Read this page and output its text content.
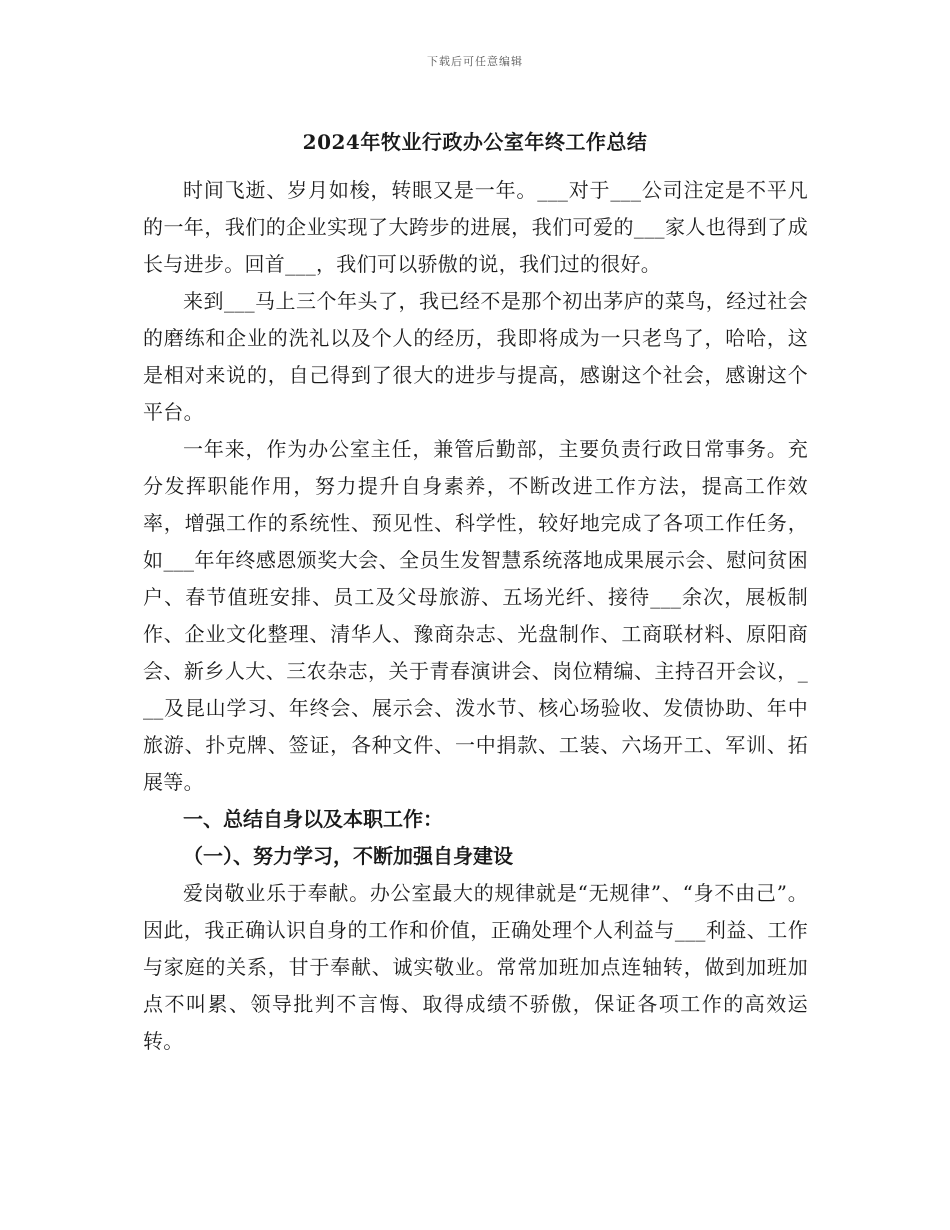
下载后可任意编辑
2024年牧业行政办公室年终工作总结

时间飞逝、岁月如梭，转眼又是一年。___对于___公司注定是不平凡的一年，我们的企业实现了大跨步的进展，我们可爱的___家人也得到了成长与进步。回首___，我们可以骄傲的说，我们过的很好。

来到___马上三个年头了，我已经不是那个初出茅庐的菜鸟，经过社会的磨练和企业的洗礼以及个人的经历，我即将成为一只老鸟了，哈哈，这是相对来说的，自己得到了很大的进步与提高，感谢这个社会，感谢这个平台。

一年来，作为办公室主任，兼管后勤部，主要负责行政日常事务。充分发挥职能作用，努力提升自身素养，不断改进工作方法，提高工作效率，增强工作的系统性、预见性、科学性，较好地完成了各项工作任务，如___年年终感恩颁奖大会、全员生发智慧系统落地成果展示会、慰问贫困户、春节值班安排、员工及父母旅游、五场光纤、接待___余次，展板制作、企业文化整理、清华人、豫商杂志、光盘制作、工商联材料、原阳商会、新乡人大、三农杂志，关于青春演讲会、岗位精编、主持召开会议，___及昆山学习、年终会、展示会、泼水节、核心场验收、发债协助、年中旅游、扑克牌、签证，各种文件、一中捐款、工装、六场开工、军训、拓展等。

一、总结自身以及本职工作：

（一）、努力学习，不断加强自身建设

爱岗敬业乐于奉献。办公室最大的规律就是“无规律”、“身不由己”。因此，我正确认识自身的工作和价值，正确处理个人利益与___利益、工作与家庭的关系，甘于奉献、诚实敬业。常常加班加点连轴转，做到加班加点不叫累、领导批判不言悔、取得成绩不骄傲，保证各项工作的高效运转。
